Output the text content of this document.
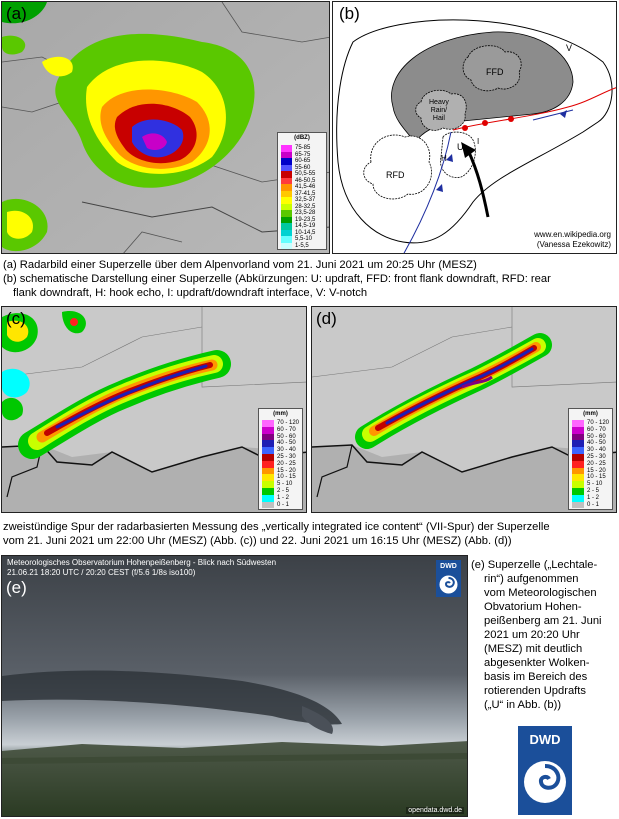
(a)
(dBZ)
75-85
65-75
60-65
55-60
50,5-55
46-50,5
41,5-46
37-41,5
32,5-37
28-32,5
23,5-28
19-23,5
14,5-19
10-14,5
5,5-10
1-5,5
(b)
V
FFD
Heavy
Rain/
Hail
RFD
U
H
I
www.en.wikipedia.org
(Vanessa Ezekowitz)
(a) Radarbild einer Superzelle über dem Alpenvorland vom 21. Juni 2021 um 20:25 Uhr (MESZ)
(b) schematische Darstellung einer Superzelle (Abkürzungen: U: updraft, FFD: front flank downdraft, RFD: rear
flank downdraft, H: hook echo, I: updraft/downdraft interface, V: V-notch
(c)
(mm)
70 - 120
60 - 70
50 - 60
40 - 50
30 - 40
25 - 30
20 - 25
15 - 20
10 - 15
5 - 10
2 - 5
1 - 2
0 - 1
(d)
(mm)
70 - 120
60 - 70
50 - 60
40 - 50
30 - 40
25 - 30
20 - 25
15 - 20
10 - 15
5 - 10
2 - 5
1 - 2
0 - 1
zweistündige Spur der radarbasierten Messung des „vertically integrated ice content“ (VII-Spur) der Superzelle
vom 21. Juni 2021 um 22:00 Uhr (MESZ) (Abb. (c)) und 22. Juni 2021 um 16:15 Uhr (MESZ) (Abb. (d))
Meteorologisches Observatorium Hohenpeißenberg - Blick nach Südwesten
21.06.21 18:20 UTC / 20:20 CEST (f/5.6 1/8s iso100)
(e)
DWD
opendata.dwd.de
(e) Superzelle („Lechtale-
rin“) aufgenommen
vom Meteorologischen
Obvatorium Hohen-
peißenberg am 21. Juni
2021 um 20:20 Uhr
(MESZ) mit deutlich
abgesenkter Wolken-
basis im Bereich des
rotierenden Updrafts
(„U“ in Abb. (b))
DWD
